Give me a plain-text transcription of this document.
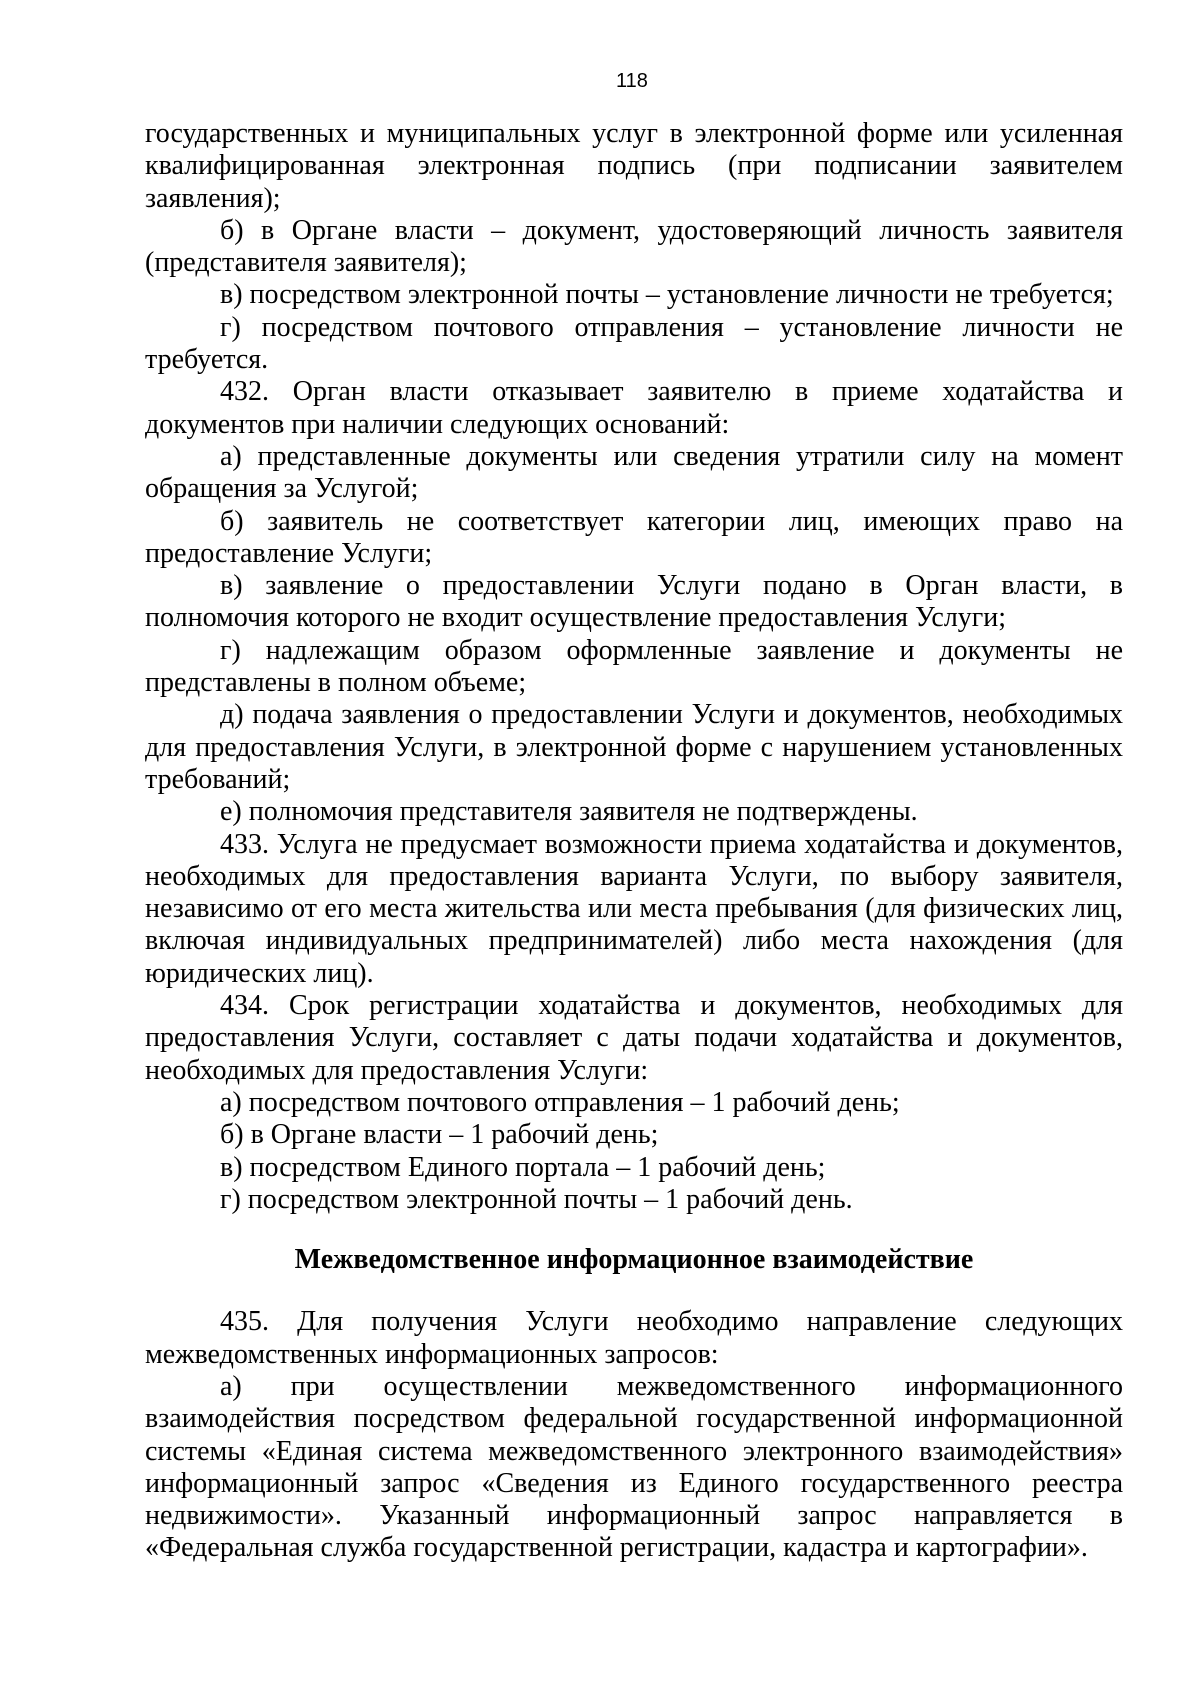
118

государственных и муниципальных услуг в электронной форме или усиленная квалифицированная электронная подпись (при подписании заявителем заявления);

б) в Органе власти – документ, удостоверяющий личность заявителя (представителя заявителя);

в) посредством электронной почты – установление личности не требуется;

г) посредством почтового отправления – установление личности не требуется.

432. Орган власти отказывает заявителю в приеме ходатайства и документов при наличии следующих оснований:

а) представленные документы или сведения утратили силу на момент обращения за Услугой;

б) заявитель не соответствует категории лиц, имеющих право на предоставление Услуги;

в) заявление о предоставлении Услуги подано в Орган власти, в полномочия которого не входит осуществление предоставления Услуги;

г) надлежащим образом оформленные заявление и документы не представлены в полном объеме;

д) подача заявления о предоставлении Услуги и документов, необходимых для предоставления Услуги, в электронной форме с нарушением установленных требований;

е) полномочия представителя заявителя не подтверждены.

433. Услуга не предусмает возможности приема ходатайства и документов, необходимых для предоставления варианта Услуги, по выбору заявителя, независимо от его места жительства или места пребывания (для физических лиц, включая индивидуальных предпринимателей) либо места нахождения (для юридических лиц).

434. Срок регистрации ходатайства и документов, необходимых для предоставления Услуги, составляет с даты подачи ходатайства и документов, необходимых для предоставления Услуги:

а) посредством почтового отправления – 1 рабочий день;

б) в Органе власти – 1 рабочий день;

в) посредством Единого портала – 1 рабочий день;

г) посредством электронной почты – 1 рабочий день.

Межведомственное информационное взаимодействие

435. Для получения Услуги необходимо направление следующих межведомственных информационных запросов:

а) при осуществлении межведомственного информационного взаимодействия посредством федеральной государственной информационной системы «Единая система межведомственного электронного взаимодействия» информационный запрос «Сведения из Единого государственного реестра недвижимости». Указанный информационный запрос направляется в «Федеральная служба государственной регистрации, кадастра и картографии».
